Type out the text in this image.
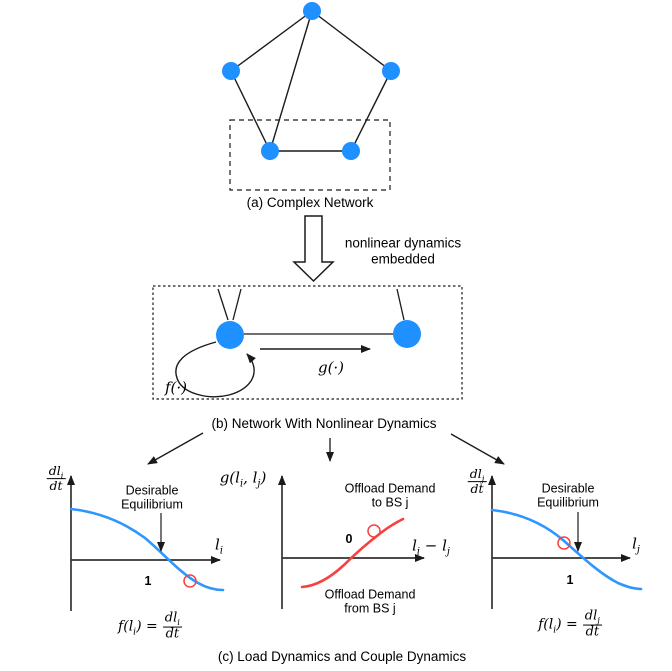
(a) Complex Network
nonlinear dynamics
embedded
(b) Network With Nonlinear Dynamics
f(·)
g(·)
$\frac{dl_i}{dt}$	Desirable
Equilibrium
$l_i$
1
$f(l_i) = \frac{dl_i}{dt}$
$g(l_i$, $l_j$)
$l_i - l_j$
0
Offload Demand
to BS j
Offload Demand
from BS j
$\frac{dl_j}{dt}$	Desirable
Equilibrium
$l_j$
1
$f(l_i) = \frac{dl_j}{dt}$
(c) Load Dynamics and Couple Dynamics
